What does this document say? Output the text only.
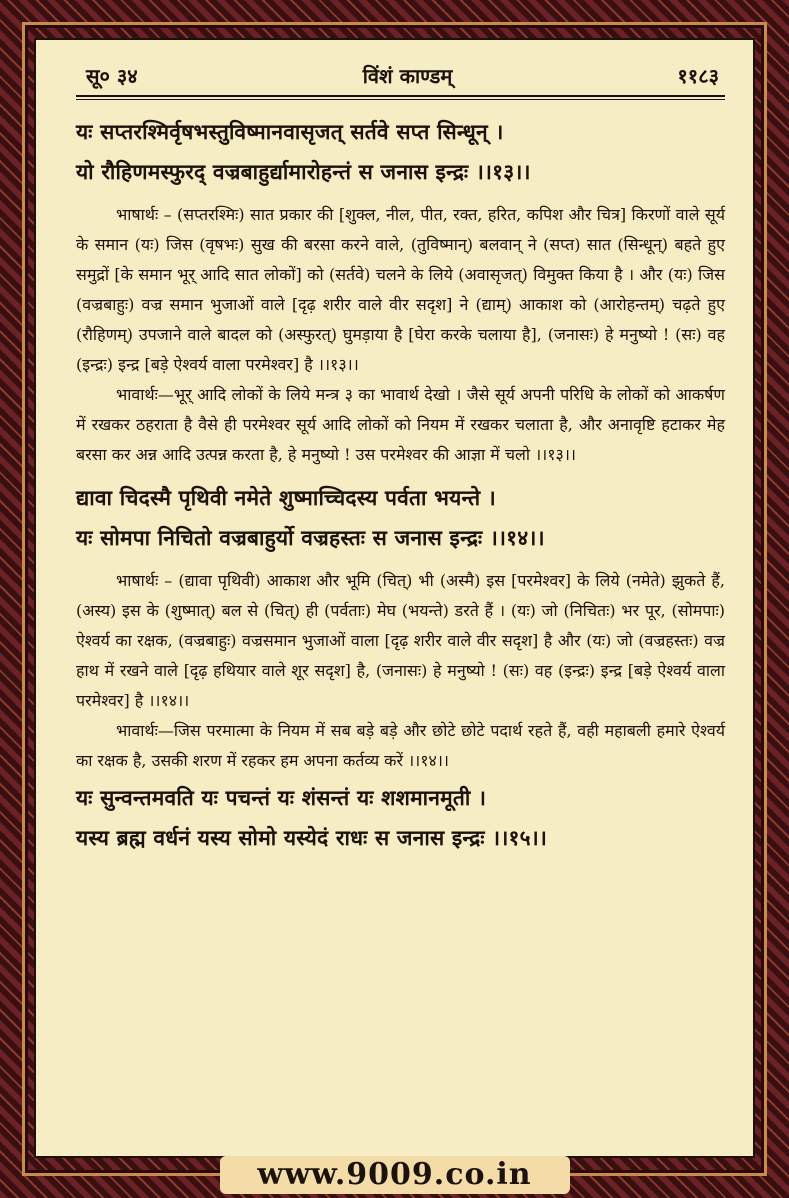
सू० ३४	विंशं काण्डम्	११८३
यः सप्तरश्मिर्वृषभस्तुविष्मानवासृजत् सर्तवे सप्त सिन्धून् ।
यो रौहिणमस्फुरद् वज्रबाहुर्द्यामारोहन्तं स जनास इन्द्रः ।।१३।।

भाषार्थः – (सप्तरश्मिः) सात प्रकार की [शुक्ल, नील, पीत, रक्त, हरित, कपिश और चित्र] किरणों वाले सूर्य के समान (यः) जिस (वृषभः) सुख की बरसा करने वाले, (तुविष्मान्) बलवान् ने (सप्त) सात (सिन्धून्) बहते हुए समुद्रों [के समान भूर् आदि सात लोकों] को (सर्तवे) चलने के लिये (अवासृजत्) विमुक्त किया है । और (यः) जिस (वज्रबाहुः) वज्र समान भुजाओं वाले [दृढ़ शरीर वाले वीर सदृश] ने (द्याम्) आकाश को (आरोहन्तम्) चढ़ते हुए (रौहिणम्) उपजाने वाले बादल को (अस्फुरत्) घुमड़ाया है [घेरा करके चलाया है], (जनासः) हे मनुष्यो ! (सः) वह (इन्द्रः) इन्द्र [बड़े ऐश्वर्य वाला परमेश्वर] है ।।१३।।

भावार्थः—भूर् आदि लोकों के लिये मन्त्र ३ का भावार्थ देखो । जैसे सूर्य अपनी परिधि के लोकों को आकर्षण में रखकर ठहराता है वैसे ही परमेश्वर सूर्य आदि लोकों को नियम में रखकर चलाता है, और अनावृष्टि हटाकर मेह बरसा कर अन्न आदि उत्पन्न करता है, हे मनुष्यो ! उस परमेश्वर की आज्ञा में चलो ।।१३।।

द्यावा चिदस्मै पृथिवी नमेते शुष्माच्चिदस्य पर्वता भयन्ते ।
यः सोमपा निचितो वज्रबाहुर्यो वज्रहस्तः स जनास इन्द्रः ।।१४।।

भाषार्थः – (द्यावा पृथिवी) आकाश और भूमि (चित्) भी (अस्मै) इस [परमेश्वर] के लिये (नमेते) झुकते हैं, (अस्य) इस के (शुष्मात्) बल से (चित्) ही (पर्वताः) मेघ (भयन्ते) डरते हैं । (यः) जो (निचितः) भर पूर, (सोमपाः) ऐश्वर्य का रक्षक, (वज्रबाहुः) वज्रसमान भुजाओं वाला [दृढ़ शरीर वाले वीर सदृश] है और (यः) जो (वज्रहस्तः) वज्र हाथ में रखने वाले [दृढ़ हथियार वाले शूर सदृश] है, (जनासः) हे मनुष्यो ! (सः) वह (इन्द्रः) इन्द्र [बड़े ऐश्वर्य वाला परमेश्वर] है ।।१४।।

भावार्थः—जिस परमात्मा के नियम में सब बड़े बड़े और छोटे छोटे पदार्थ रहते हैं, वही महाबली हमारे ऐश्वर्य का रक्षक है, उसकी शरण में रहकर हम अपना कर्तव्य करें ।।१४।।

यः सुन्वन्तमवति यः पचन्तं यः शंसन्तं यः शशमानमूती ।
यस्य ब्रह्म वर्धनं यस्य सोमो यस्येदं राधः स जनास इन्द्रः ।।१५।।
www.9009.co.in
